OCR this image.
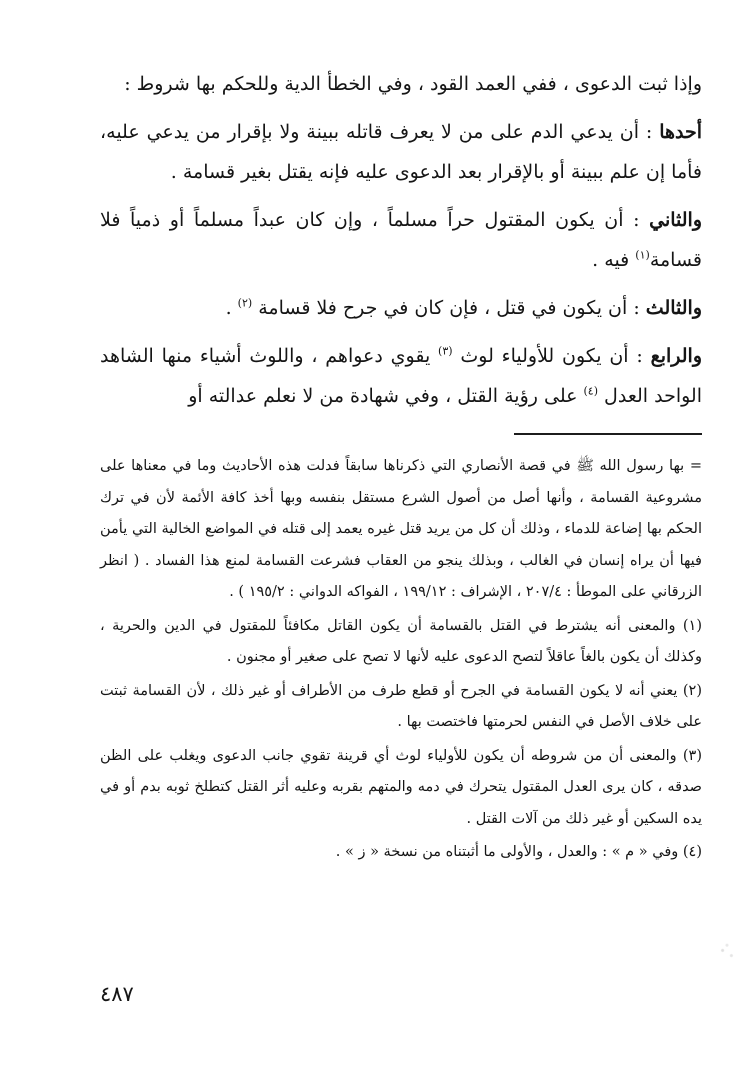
وإذا ثبت الدعوى ، ففي العمد القود ، وفي الخطأ الدية وللحكم بها شروط :

أحدها : أن يدعي الدم على من لا يعرف قاتله ببينة ولا بإقرار من يدعي عليه، فأما إن علم ببينة أو بالإقرار بعد الدعوى عليه فإنه يقتل بغير قسامة .

والثاني : أن يكون المقتول حراً مسلماً ، وإن كان عبداً مسلماً أو ذمياً فلا قسامة$^{(١)}$ فيه .

والثالث : أن يكون في قتل ، فإن كان في جرح فلا قسامة $^{(٢)}$ .

والرابع : أن يكون للأولياء لوث $^{(٣)}$ يقوي دعواهم ، واللوث أشياء منها الشاهد الواحد العدل $^{(٤)}$ على رؤية القتل ، وفي شهادة من لا نعلم عدالته أو

= بها رسول الله ﷺ في قصة الأنصاري التي ذكرناها سابقاً فدلت هذه الأحاديث وما في معناها على مشروعية القسامة ، وأنها أصل من أصول الشرع مستقل بنفسه وبها أخذ كافة الأئمة لأن في ترك الحكم بها إضاعة للدماء ، وذلك أن كل من يريد قتل غيره يعمد إلى قتله في المواضع الخالية التي يأمن فيها أن يراه إنسان في الغالب ، وبذلك ينجو من العقاب فشرعت القسامة لمنع هذا الفساد . ( انظر الزرقاني على الموطأ : ٢٠٧/٤ ، الإشراف : ١٩٩/١٢ ، الفواكه الدواني : ١٩٥/٢ ) .

(١) والمعنى أنه يشترط في القتل بالقسامة أن يكون القاتل مكافئاً للمقتول في الدين والحرية ، وكذلك أن يكون بالغاً عاقلاً لتصح الدعوى عليه لأنها لا تصح على صغير أو مجنون .

(٢) يعني أنه لا يكون القسامة في الجرح أو قطع طرف من الأطراف أو غير ذلك ، لأن القسامة ثبتت على خلاف الأصل في النفس لحرمتها فاختصت بها .

(٣) والمعنى أن من شروطه أن يكون للأولياء لوث أي قرينة تقوي جانب الدعوى ويغلب على الظن صدقه ، كان يرى العدل المقتول يتحرك في دمه والمتهم بقربه وعليه أثر القتل كتطلخ ثوبه بدم أو في يده السكين أو غير ذلك من آلات القتل .

(٤) وفي « م » : والعدل ، والأولى ما أثبتناه من نسخة « ز » .

٤٨٧
